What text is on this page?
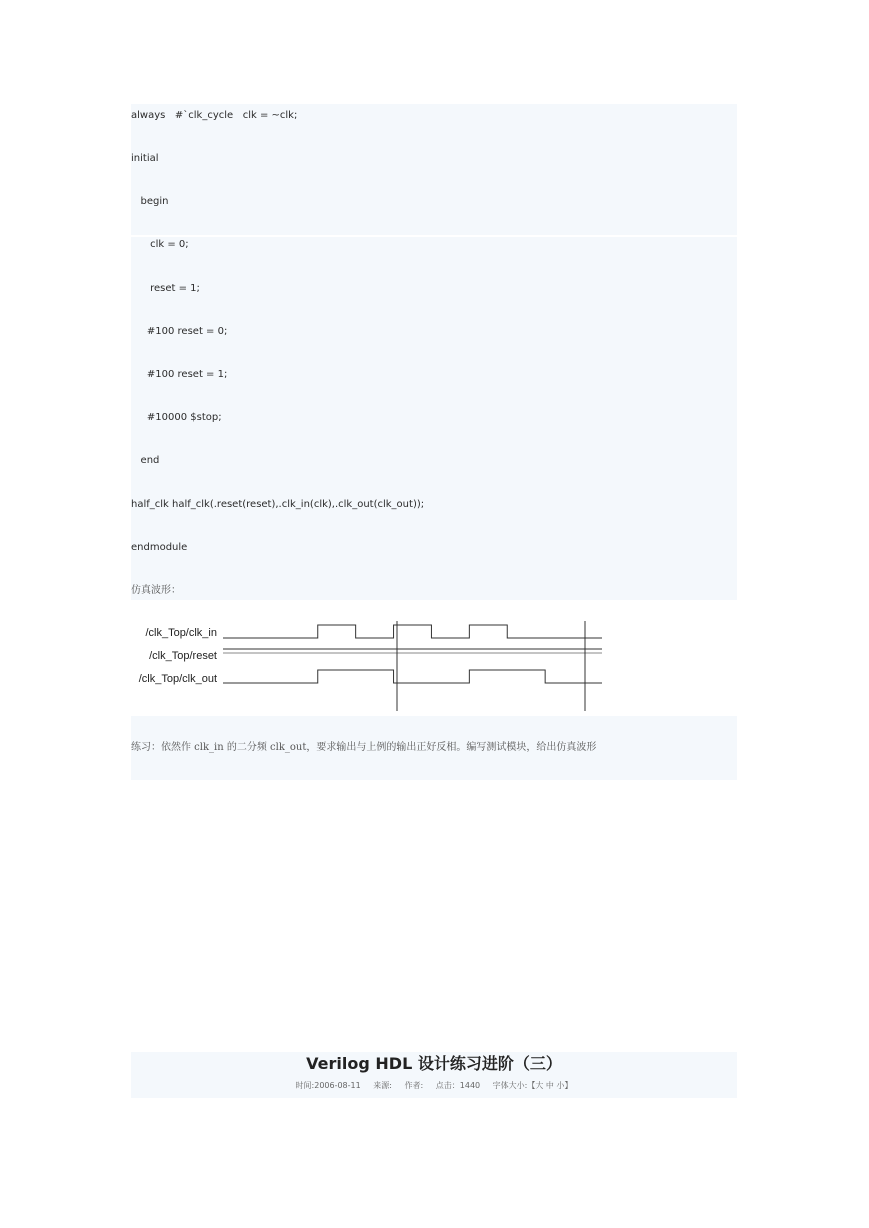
always   #`clk_cycle   clk = ~clk;
initial
begin
clk = 0;
reset = 1;
#100 reset = 0;
#100 reset = 1;
#10000 $stop;
end
half_clk half_clk(.reset(reset),.clk_in(clk),.clk_out(clk_out));
endmodule
仿真波形：
/clk_Top/clk_in
/clk_Top/reset
/clk_Top/clk_out
练习：依然作 clk_in 的二分频 clk_out，要求输出与上例的输出正好反相。编写测试模块，给出仿真波形
Verilog HDL 设计练习进阶（三）
时间:2006-08-11 来源: 作者: 点击：1440 字体大小:【大 中 小】
